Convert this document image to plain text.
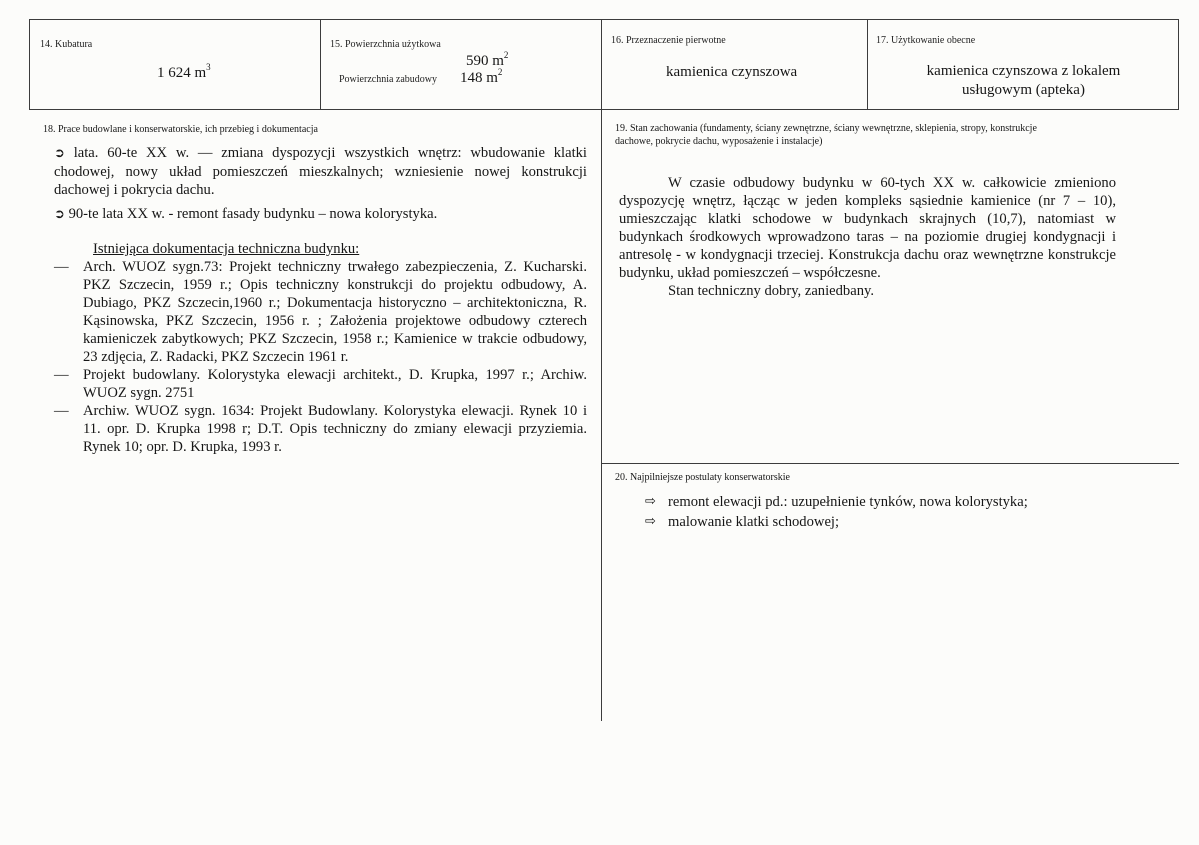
14. Kubatura
1 624 $m^3$
15. Powierzchnia użytkowa
590 $m^2$
Powierzchnia zabudowy 148 $m^2$
16. Przeznaczenie pierwotne
kamienica czynszowa
17. Użytkowanie obecne
kamienica czynszowa z lokalem
usługowym (apteka)
18. Prace budowlane i konserwatorskie, ich przebieg i dokumentacja
➲ lata. 60-te XX w. — zmiana dyspozycji wszystkich wnętrz: wbudowanie klatki chodowej, nowy układ pomieszczeń mieszkalnych; wzniesienie nowej konstrukcji dachowej i pokrycia dachu.
➲ 90-te lata XX w. - remont fasady budynku – nowa kolorystyka.
Istniejąca dokumentacja techniczna budynku:
— Arch. WUOZ sygn.73: Projekt techniczny trwałego zabezpieczenia, Z. Kucharski. PKZ Szczecin, 1959 r.; Opis techniczny konstrukcji do projektu odbudowy, A. Dubiago, PKZ Szczecin,1960 r.; Dokumentacja historyczno – architektoniczna, R. Kąsinowska, PKZ Szczecin, 1956 r. ; Założenia projektowe odbudowy czterech kamieniczek zabytkowych; PKZ Szczecin, 1958 r.; Kamienice w trakcie odbudowy, 23 zdjęcia, Z. Radacki, PKZ Szczecin 1961 r.
— Projekt budowlany. Kolorystyka elewacji architekt., D. Krupka, 1997 r.; Archiw. WUOZ sygn. 2751
— Archiw. WUOZ sygn. 1634: Projekt Budowlany. Kolorystyka elewacji. Rynek 10 i 11. opr. D. Krupka 1998 r; D.T. Opis techniczny do zmiany elewacji przyziemia. Rynek 10; opr. D. Krupka, 1993 r.
19. Stan zachowania (fundamenty, ściany zewnętrzne, ściany wewnętrzne, sklepienia, stropy, konstrukcje
dachowe, pokrycie dachu, wyposażenie i instalacje)
W czasie odbudowy budynku w 60-tych XX w. całkowicie zmieniono dyspozycję wnętrz, łącząc w jeden kompleks sąsiednie kamienice (nr 7 – 10), umieszczając klatki schodowe w budynkach skrajnych (10,7), natomiast w budynkach środkowych wprowadzono taras – na poziomie drugiej kondygnacji i antresolę - w kondygnacji trzeciej. Konstrukcja dachu oraz wewnętrzne konstrukcje budynku, układ pomieszczeń – współczesne.
Stan techniczny dobry, zaniedbany.
20. Najpilniejsze postulaty konserwatorskie
⇨ remont elewacji pd.: uzupełnienie tynków, nowa kolorystyka;
⇨ malowanie klatki schodowej;
